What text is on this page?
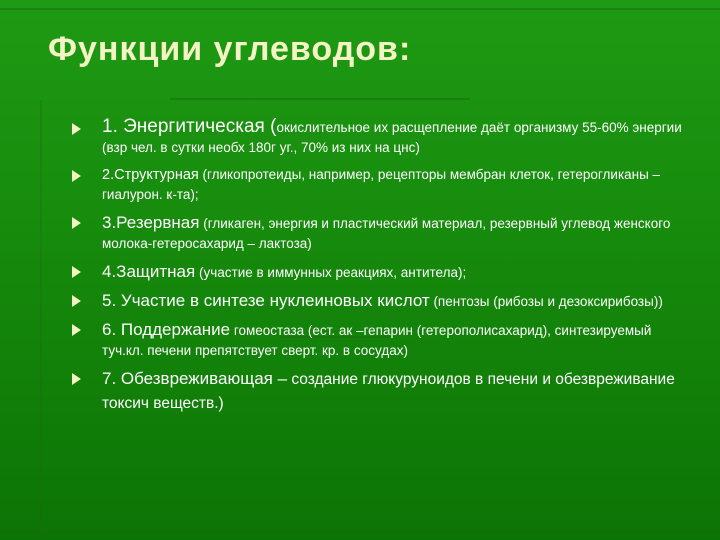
Функции углеводов:
1. Энергитическая (окислительное их расщепление даёт организму 55-60% энергии (взр чел. в сутки необх 180г уг., 70% из них на цнс)
2.Структурная (гликопротеиды, например, рецепторы мембран клеток, гетерогликаны – гиалурон. к-та);
3.Резервная (гликаген, энергия и пластический материал, резервный углевод женского молока-гетеросахарид – лактоза)
4.Защитная (участие в иммунных реакциях, антитела);
5. Участие в синтезе нуклеиновых кислот (пентозы (рибозы и дезоксирибозы))
6. Поддержание гомеостаза (ест. ак –гепарин (гетерополисахарид), синтезируемый туч.кл. печени препятствует сверт. кр. в сосудах)
7. Обезвреживающая – создание глюкуруноидов в печени и обезвреживание токсич веществ.)
